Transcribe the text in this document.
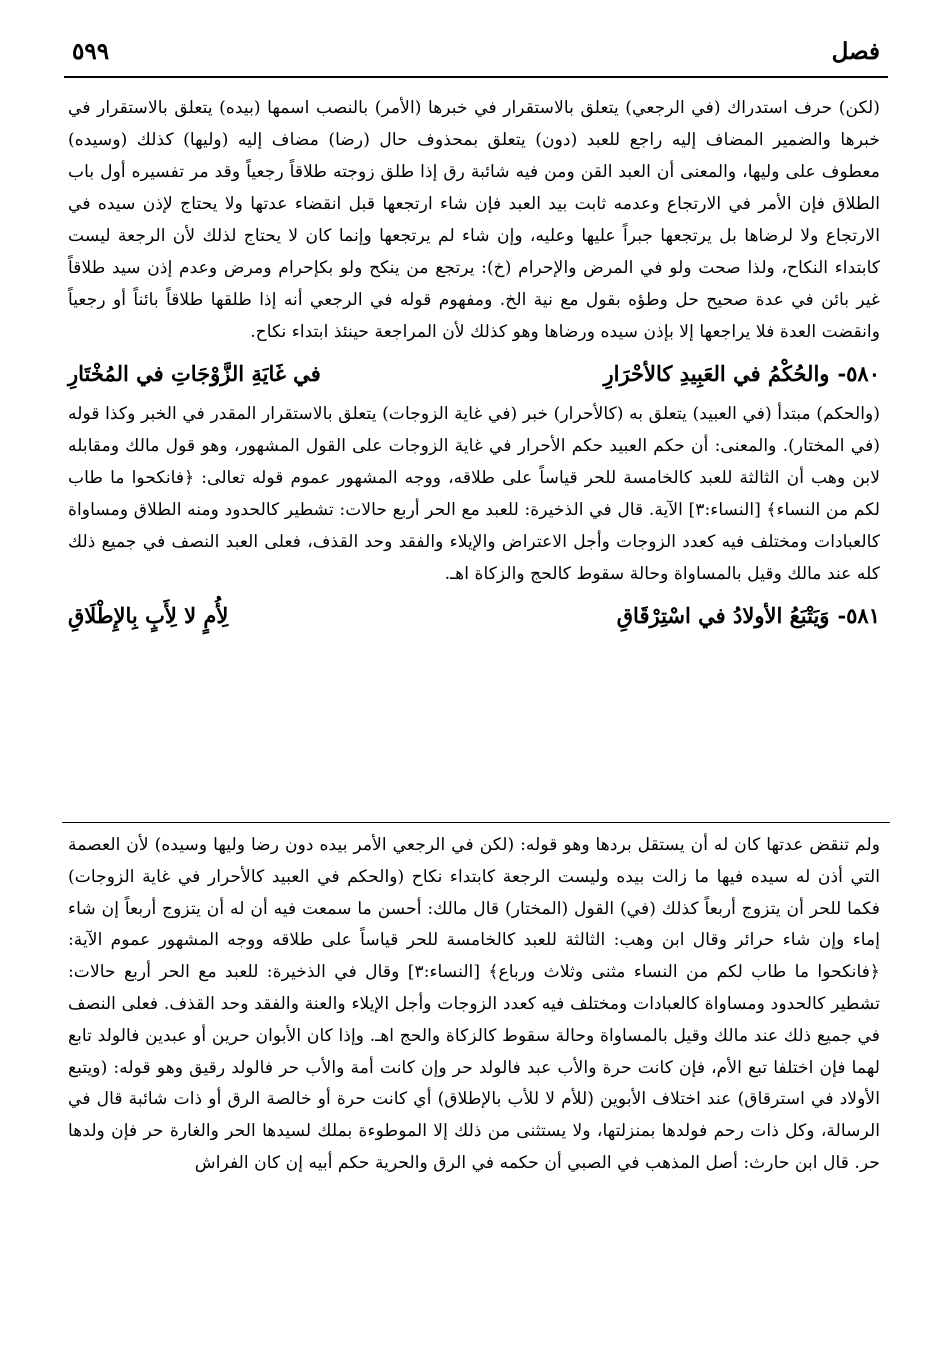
فصل
٥٩٩

(لكن) حرف استدراك (في الرجعي) يتعلق بالاستقرار في خبرها (الأمر) بالنصب اسمها (بيده) يتعلق بالاستقرار في خبرها والضمير المضاف إليه راجع للعبد (دون) يتعلق بمحذوف حال (رضا) مضاف إليه (وليها) كذلك (وسيده) معطوف على وليها، والمعنى أن العبد القن ومن فيه شائبة رق إذا طلق زوجته طلاقاً رجعياً وقد مر تفسيره أول باب الطلاق فإن الأمر في الارتجاع وعدمه ثابت بيد العبد فإن شاء ارتجعها قبل انقضاء عدتها ولا يحتاج لإذن سيده في الارتجاع ولا لرضاها بل يرتجعها جبراً عليها وعليه، وإن شاء لم يرتجعها وإنما كان لا يحتاج لذلك لأن الرجعة ليست كابتداء النكاح، ولذا صحت ولو في المرض والإحرام (خ): يرتجع من ينكح ولو بكإحرام ومرض وعدم إذن سيد طلاقاً غير بائن في عدة صحيح حل وطؤه بقول مع نية الخ. ومفهوم قوله في الرجعي أنه إذا طلقها طلاقاً بائناً أو رجعياً وانقضت العدة فلا يراجعها إلا بإذن سيده ورضاها وهو كذلك لأن المراجعة حينئذ ابتداء نكاح.

٥٨٠-
والحُكْمُ في العَبِيدِ كالأحْرَارِ
في غَايَةِ الزَّوْجَاتِ في المُخْتَارِ

(والحكم) مبتدأ (في العبيد) يتعلق به (كالأحرار) خبر (في غاية الزوجات) يتعلق بالاستقرار المقدر في الخبر وكذا قوله (في المختار). والمعنى: أن حكم العبيد حكم الأحرار في غاية الزوجات على القول المشهور، وهو قول مالك ومقابله لابن وهب أن الثالثة للعبد كالخامسة للحر قياساً على طلاقه، ووجه المشهور عموم قوله تعالى: ﴿فانكحوا ما طاب لكم من النساء﴾ [النساء:٣] الآية. قال في الذخيرة: للعبد مع الحر أربع حالات: تشطير كالحدود ومنه الطلاق ومساواة كالعبادات ومختلف فيه كعدد الزوجات وأجل الاعتراض والإيلاء والفقد وحد القذف، فعلى العبد النصف في جميع ذلك كله عند مالك وقيل بالمساواة وحالة سقوط كالحج والزكاة اهـ.

٥٨١-
وَيَتْبَعُ الأولادُ في اسْتِرْقَاقِ
لِأُمٍ لا لِأَبٍ بِالإِطْلَاقِ

ولم تنقض عدتها كان له أن يستقل بردها وهو قوله: (لكن في الرجعي الأمر بيده دون رضا وليها وسيده) لأن العصمة التي أذن له سيده فيها ما زالت بيده وليست الرجعة كابتداء نكاح (والحكم في العبيد كالأحرار في غاية الزوجات) فكما للحر أن يتزوج أربعاً كذلك (في) القول (المختار) قال مالك: أحسن ما سمعت فيه أن له أن يتزوج أربعاً إن شاء إماء وإن شاء حرائر وقال ابن وهب: الثالثة للعبد كالخامسة للحر قياساً على طلاقه ووجه المشهور عموم الآية: ﴿فانكحوا ما طاب لكم من النساء مثنى وثلاث ورباع﴾ [النساء:٣] وقال في الذخيرة: للعبد مع الحر أربع حالات: تشطير كالحدود ومساواة كالعبادات ومختلف فيه كعدد الزوجات وأجل الإيلاء والعنة والفقد وحد القذف. فعلى النصف في جميع ذلك عند مالك وقيل بالمساواة وحالة سقوط كالزكاة والحج اهـ. وإذا كان الأبوان حرين أو عبدين فالولد تابع لهما فإن اختلفا تبع الأم، فإن كانت حرة والأب عبد فالولد حر وإن كانت أمة والأب حر فالولد رقيق وهو قوله: (ويتبع الأولاد في استرقاق) عند اختلاف الأبوين (للأم لا للأب بالإطلاق) أي كانت حرة أو خالصة الرق أو ذات شائبة قال في الرسالة، وكل ذات رحم فولدها بمنزلتها، ولا يستثنى من ذلك إلا الموطوءة بملك لسيدها الحر والغارة حر فإن ولدها حر. قال ابن حارث: أصل المذهب في الصبي أن حكمه في الرق والحرية حكم أبيه إن كان الفراش
